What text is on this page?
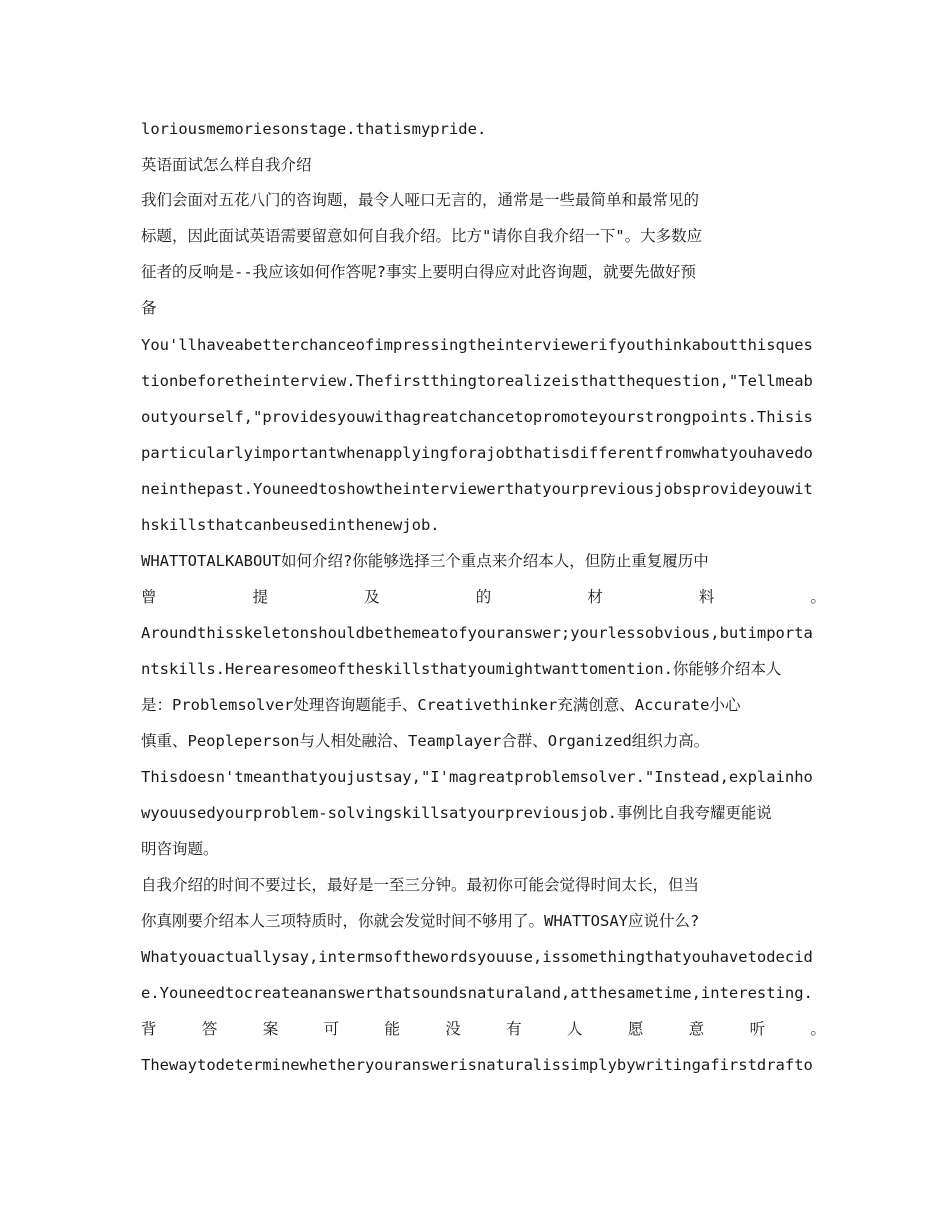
loriousmemoriesonstage.thatismypride.
英语面试怎么样自我介绍
我们会面对五花八门的咨询题，最令人哑口无言的，通常是一些最简单和最常见的
标题，因此面试英语需要留意如何自我介绍。比方"请你自我介绍一下"。大多数应
征者的反响是--我应该如何作答呢?事实上要明白得应对此咨询题，就要先做好预
备
You'llhaveabetterchanceofimpressingtheinterviewerifyouthinkaboutthisques
tionbeforetheinterview.Thefirstthingtorealizeisthatthequestion,"Tellmeab
outyourself,"providesyouwithagreatchancetopromoteyourstrongpoints.Thisis
particularlyimportantwhenapplyingforajobthatisdifferentfromwhatyouhavedo
neinthepast.Youneedtoshowtheinterviewerthatyourpreviousjobsprovideyouwit
hskillsthatcanbeusedinthenewjob.
WHATTOTALKABOUT如何介绍?你能够选择三个重点来介绍本人，但防止重复履历中
曾	提	及	的	材	料	。
Aroundthisskeletonshouldbethemeatofyouranswer;yourlessobvious,butimporta
ntskills.Herearesomeoftheskillsthatyoumightwanttomention.你能够介绍本人
是：Problemsolver处理咨询题能手、Creativethinker充满创意、Accurate小心
慎重、Peopleperson与人相处融洽、Teamplayer合群、Organized组织力高。
Thisdoesn'tmeanthatyoujustsay,"I'magreatproblemsolver."Instead,explainho
wyouusedyourproblem-solvingskillsatyourpreviousjob.事例比自我夸耀更能说
明咨询题。
自我介绍的时间不要过长，最好是一至三分钟。最初你可能会觉得时间太长，但当
你真刚要介绍本人三项特质时，你就会发觉时间不够用了。WHATTOSAY应说什么?
Whatyouactuallysay,intermsofthewordsyouuse,issomethingthatyouhavetodecid
e.Youneedtocreateananswerthatsoundsnaturaland,atthesametime,interesting.
背	答	案	可	能	没	有	人	愿	意	听	。
Thewaytodeterminewhetheryouranswerisnaturalissimplybywritingafirstdrafto
